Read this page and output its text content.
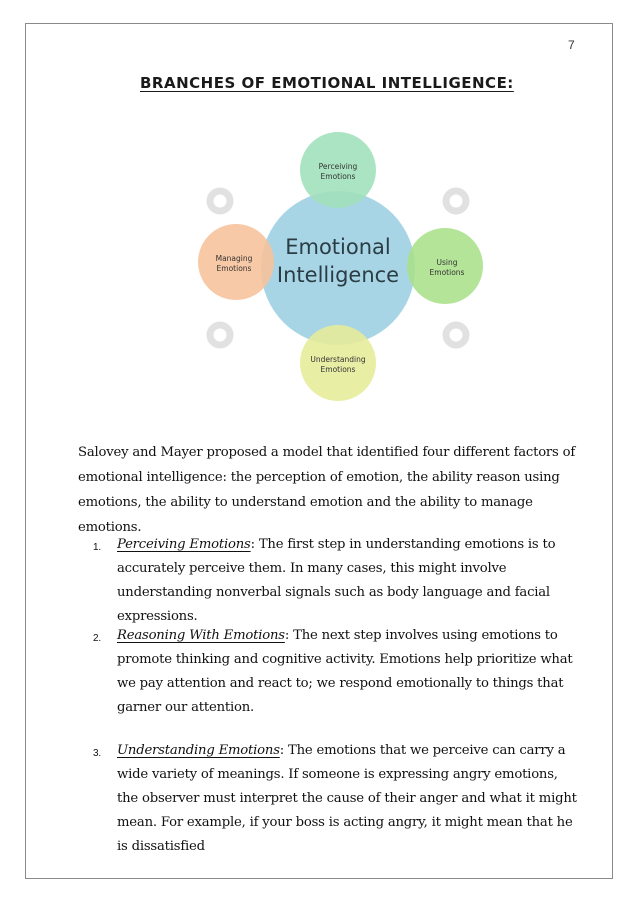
7
BRANCHES OF EMOTIONAL INTELLIGENCE:
Emotional
Intelligence
Perceiving
Emotions
Using
Emotions
Understanding
Emotions
Managing
Emotions

Salovey and Mayer proposed a model that identified four different factors of emotional intelligence: the perception of emotion, the ability reason using emotions, the ability to understand emotion and the ability to manage emotions.

1. Perceiving Emotions: The first step in understanding emotions is to accurately perceive them. In many cases, this might involve understanding nonverbal signals such as body language and facial expressions.

2. Reasoning With Emotions: The next step involves using emotions to promote thinking and cognitive activity. Emotions help prioritize what we pay attention and react to; we respond emotionally to things that garner our attention.

3. Understanding Emotions: The emotions that we perceive can carry a wide variety of meanings. If someone is expressing angry emotions, the observer must interpret the cause of their anger and what it might mean. For example, if your boss is acting angry, it might mean that he is dissatisfied
